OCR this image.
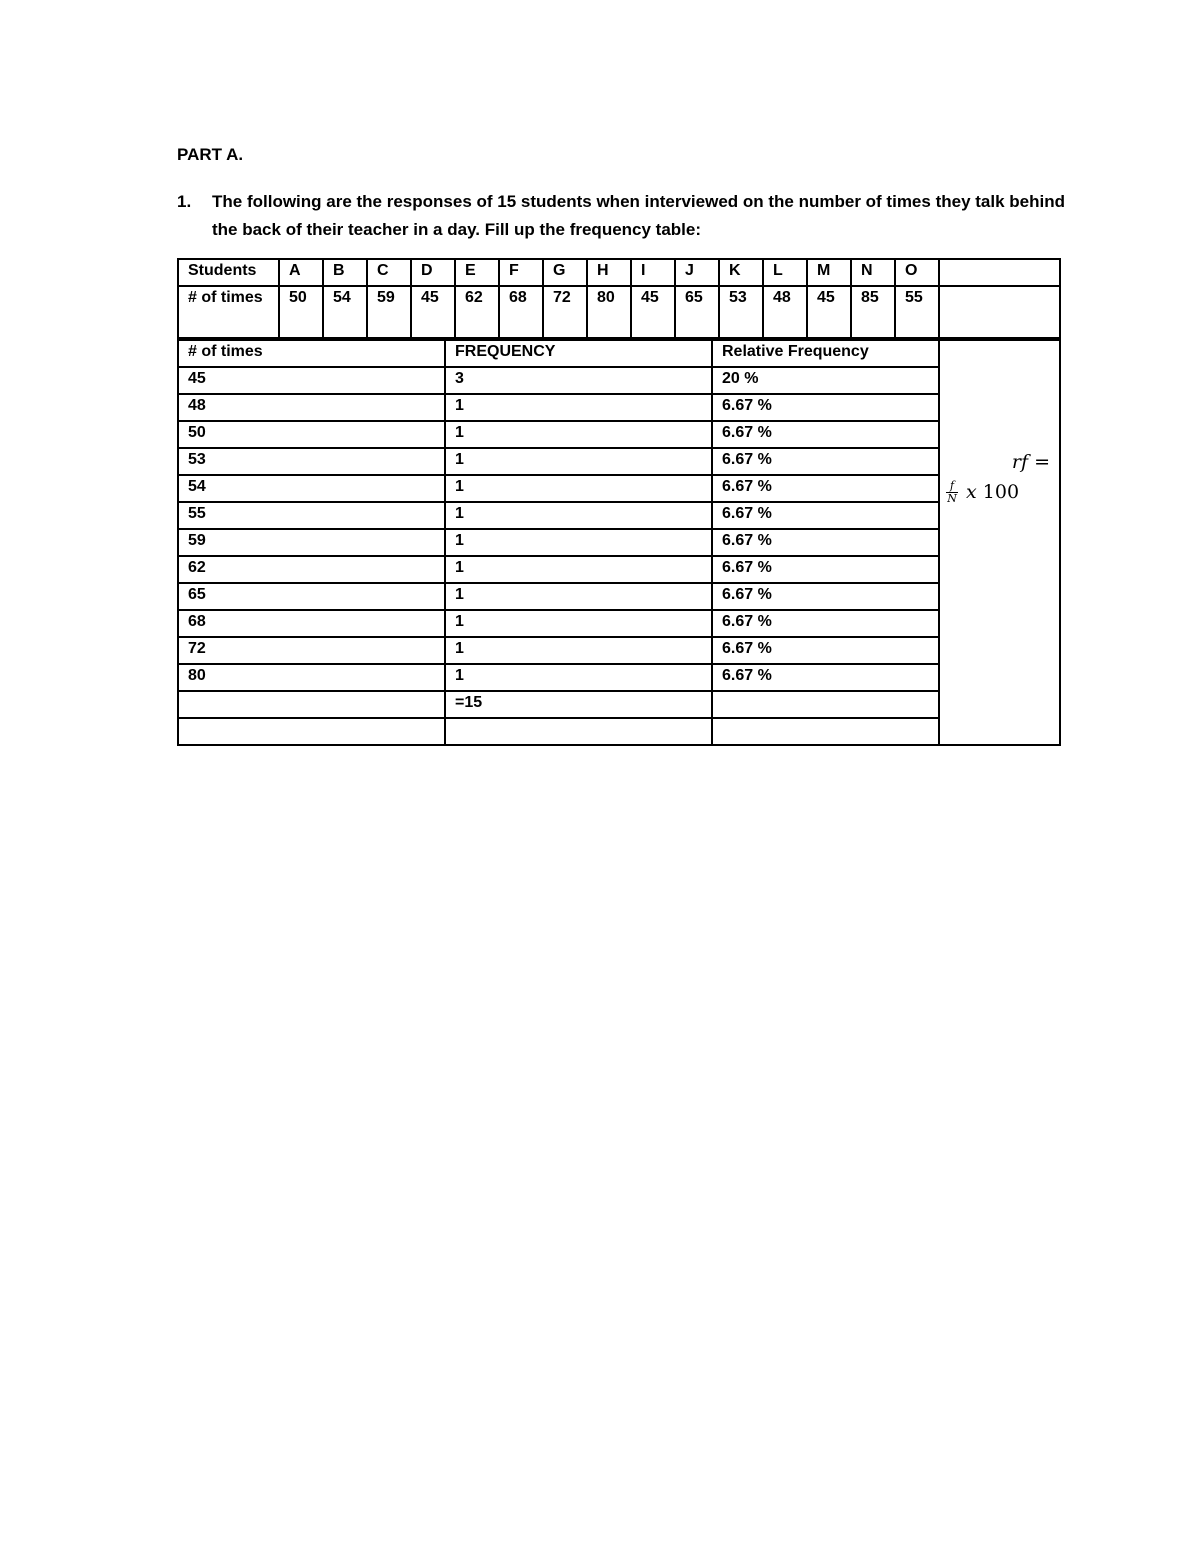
PART A.
1. The following are the responses of 15 students when interviewed on the number of times they talk behind the back of their teacher in a day. Fill up the frequency table:
Students	A	B	C	D	E	F	G	H	I	J	K	L	M	N	O	
# of times	50	54	59	45	62	68	72	80	45	65	53	48	45	85	55	
# of times	FREQUENCY	Relative Frequency	rf =
$\frac{f}{N}$ x
100

45	3	20 %	
48	1	6.67 %	
50	1	6.67 %	
53	1	6.67 %	
54	1	6.67 %	
55	1	6.67 %	
59	1	6.67 %	
62	1	6.67 %	
65	1	6.67 %	
68	1	6.67 %	
72	1	6.67 %	
80	1	6.67 %	
	=15		
